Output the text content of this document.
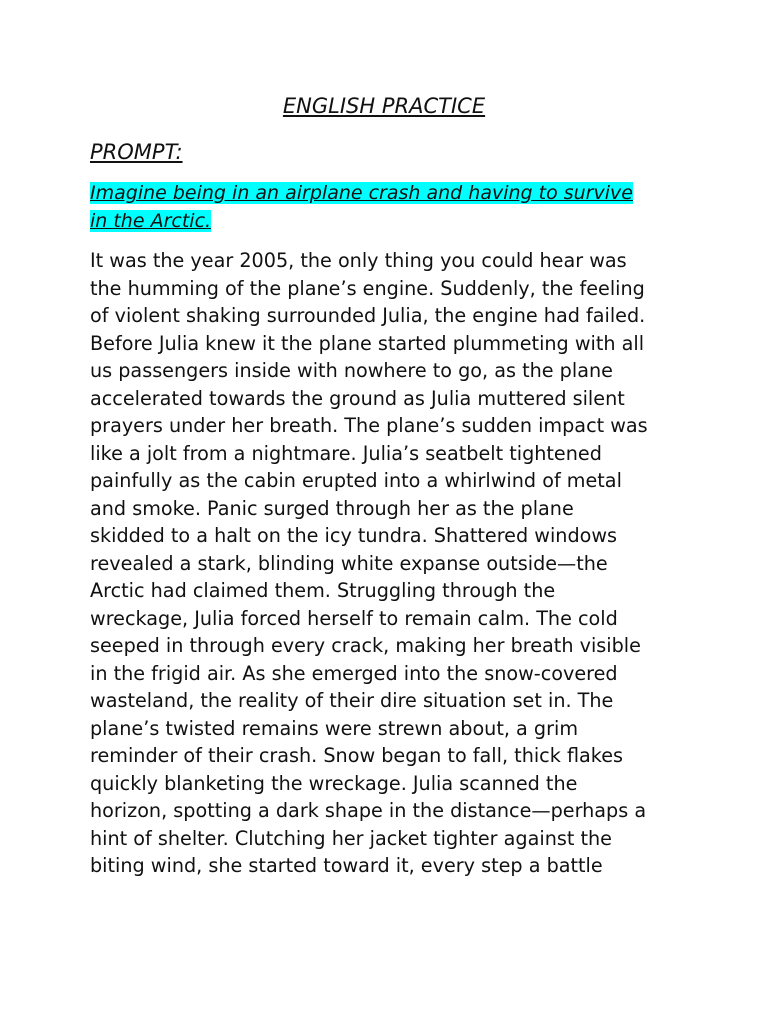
ENGLISH PRACTICE
PROMPT:

Imagine being in an airplane crash and having to survive
in the Arctic.

It was the year 2005, the only thing you could hear was
the humming of the plane’s engine. Suddenly, the feeling
of violent shaking surrounded Julia, the engine had failed.
Before Julia knew it the plane started plummeting with all
us passengers inside with nowhere to go, as the plane
accelerated towards the ground as Julia muttered silent
prayers under her breath. The plane’s sudden impact was
like a jolt from a nightmare. Julia’s seatbelt tightened
painfully as the cabin erupted into a whirlwind of metal
and smoke. Panic surged through her as the plane
skidded to a halt on the icy tundra. Shattered windows
revealed a stark, blinding white expanse outside—the
Arctic had claimed them. Struggling through the
wreckage, Julia forced herself to remain calm. The cold
seeped in through every crack, making her breath visible
in the frigid air. As she emerged into the snow-covered
wasteland, the reality of their dire situation set in. The
plane’s twisted remains were strewn about, a grim
reminder of their crash. Snow began to fall, thick flakes
quickly blanketing the wreckage. Julia scanned the
horizon, spotting a dark shape in the distance—perhaps a
hint of shelter. Clutching her jacket tighter against the
biting wind, she started toward it, every step a battle
